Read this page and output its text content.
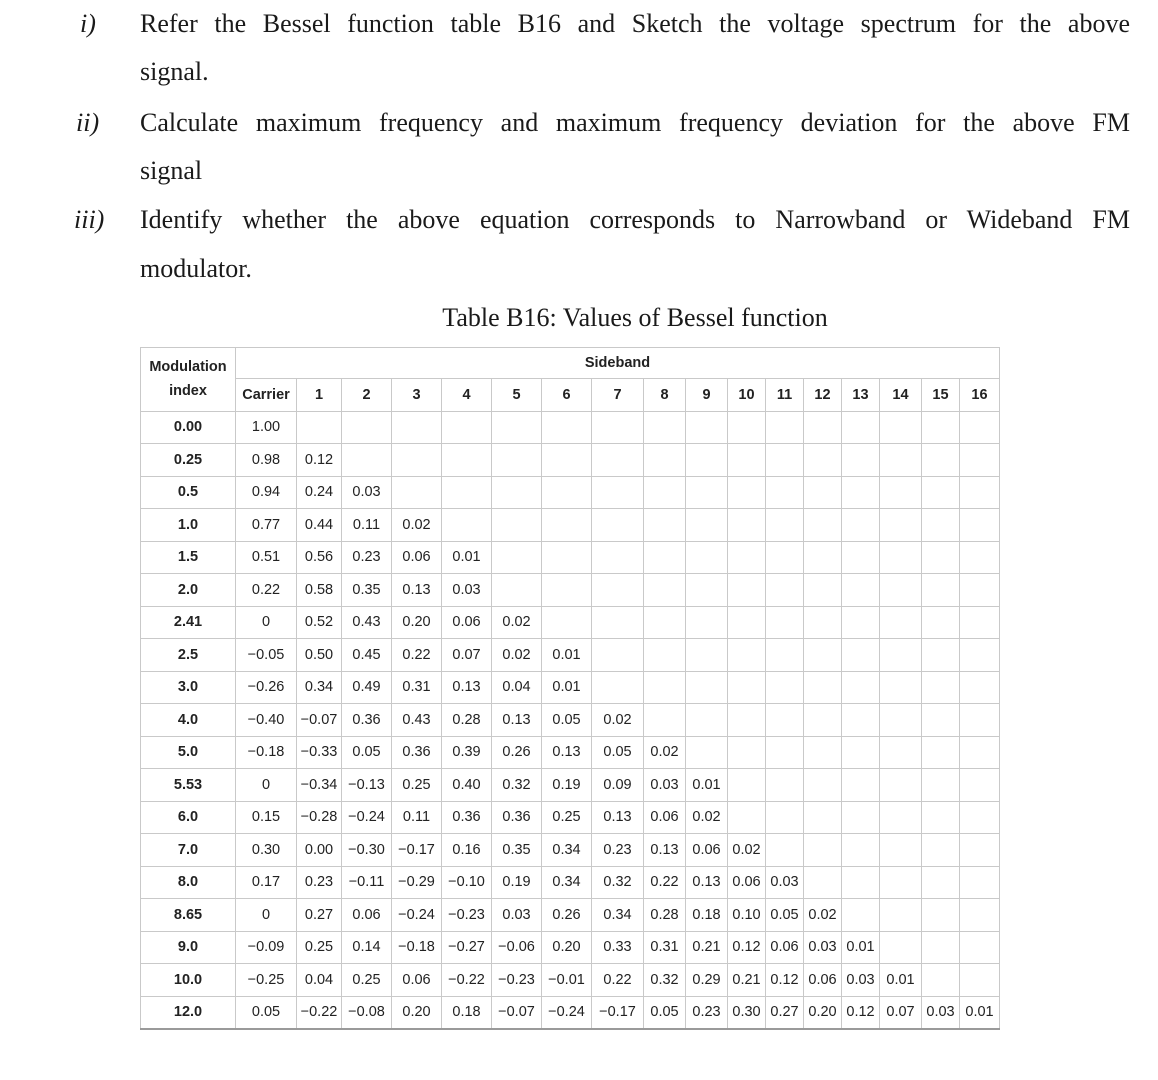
i) Refer the Bessel function table B16 and Sketch the voltage spectrum for the above
signal.
ii) Calculate maximum frequency and maximum frequency deviation for the above FM
signal
iii) Identify whether the above equation corresponds to Narrowband or Wideband FM
modulator.
Table B16: Values of Bessel function
Modulation
index	Sideband																
	Carrier	1	2	3	4	5	6	7	8	9	10	11	12	13	14	15	16
0.00	1.00																
0.25	0.98	0.12															
0.5	0.94	0.24	0.03														
1.0	0.77	0.44	0.11	0.02													
1.5	0.51	0.56	0.23	0.06	0.01												
2.0	0.22	0.58	0.35	0.13	0.03												
2.41	0	0.52	0.43	0.20	0.06	0.02											
2.5	−0.05	0.50	0.45	0.22	0.07	0.02	0.01										
3.0	−0.26	0.34	0.49	0.31	0.13	0.04	0.01										
4.0	−0.40	−0.07	0.36	0.43	0.28	0.13	0.05	0.02									
5.0	−0.18	−0.33	0.05	0.36	0.39	0.26	0.13	0.05	0.02								
5.53	0	−0.34	−0.13	0.25	0.40	0.32	0.19	0.09	0.03	0.01							
6.0	0.15	−0.28	−0.24	0.11	0.36	0.36	0.25	0.13	0.06	0.02							
7.0	0.30	0.00	−0.30	−0.17	0.16	0.35	0.34	0.23	0.13	0.06	0.02						
8.0	0.17	0.23	−0.11	−0.29	−0.10	0.19	0.34	0.32	0.22	0.13	0.06	0.03					
8.65	0	0.27	0.06	−0.24	−0.23	0.03	0.26	0.34	0.28	0.18	0.10	0.05	0.02				
9.0	−0.09	0.25	0.14	−0.18	−0.27	−0.06	0.20	0.33	0.31	0.21	0.12	0.06	0.03	0.01			
10.0	−0.25	0.04	0.25	0.06	−0.22	−0.23	−0.01	0.22	0.32	0.29	0.21	0.12	0.06	0.03	0.01		
12.0	0.05	−0.22	−0.08	0.20	0.18	−0.07	−0.24	−0.17	0.05	0.23	0.30	0.27	0.20	0.12	0.07	0.03	0.01
